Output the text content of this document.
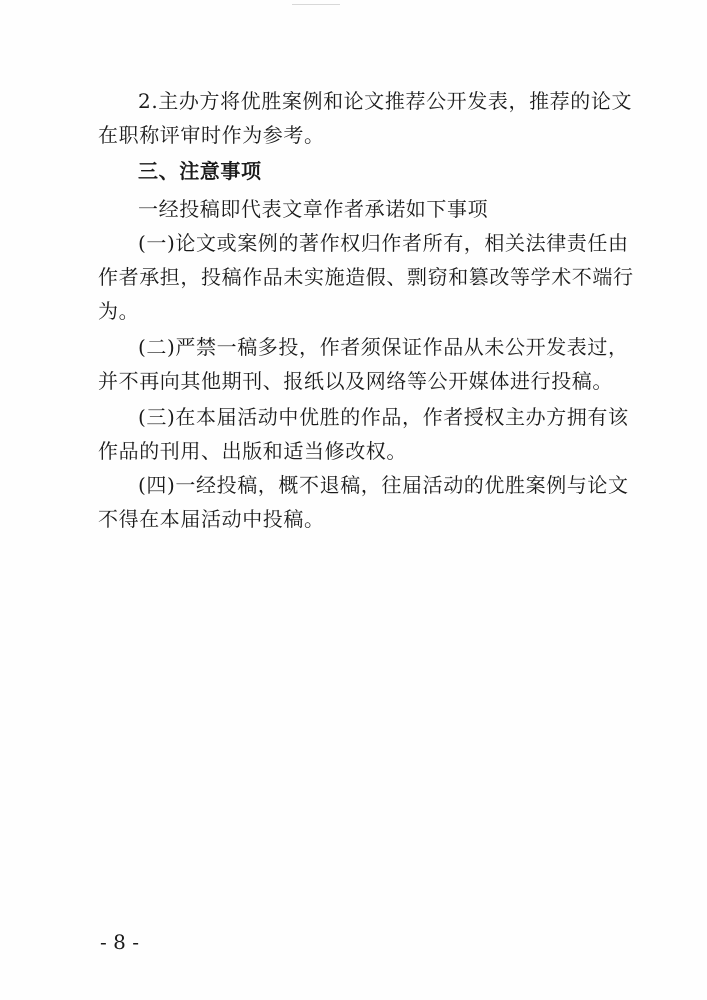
2.主办方将优胜案例和论文推荐公开发表，推荐的论文
在职称评审时作为参考。
三、注意事项
一经投稿即代表文章作者承诺如下事项
(一)论文或案例的著作权归作者所有，相关法律责任由
作者承担，投稿作品未实施造假、剽窃和篡改等学术不端行
为。
(二)严禁一稿多投，作者须保证作品从未公开发表过，
并不再向其他期刊、报纸以及网络等公开媒体进行投稿。
(三)在本届活动中优胜的作品，作者授权主办方拥有该
作品的刊用、出版和适当修改权。
(四)一经投稿，概不退稿，往届活动的优胜案例与论文
不得在本届活动中投稿。
- 8 -
